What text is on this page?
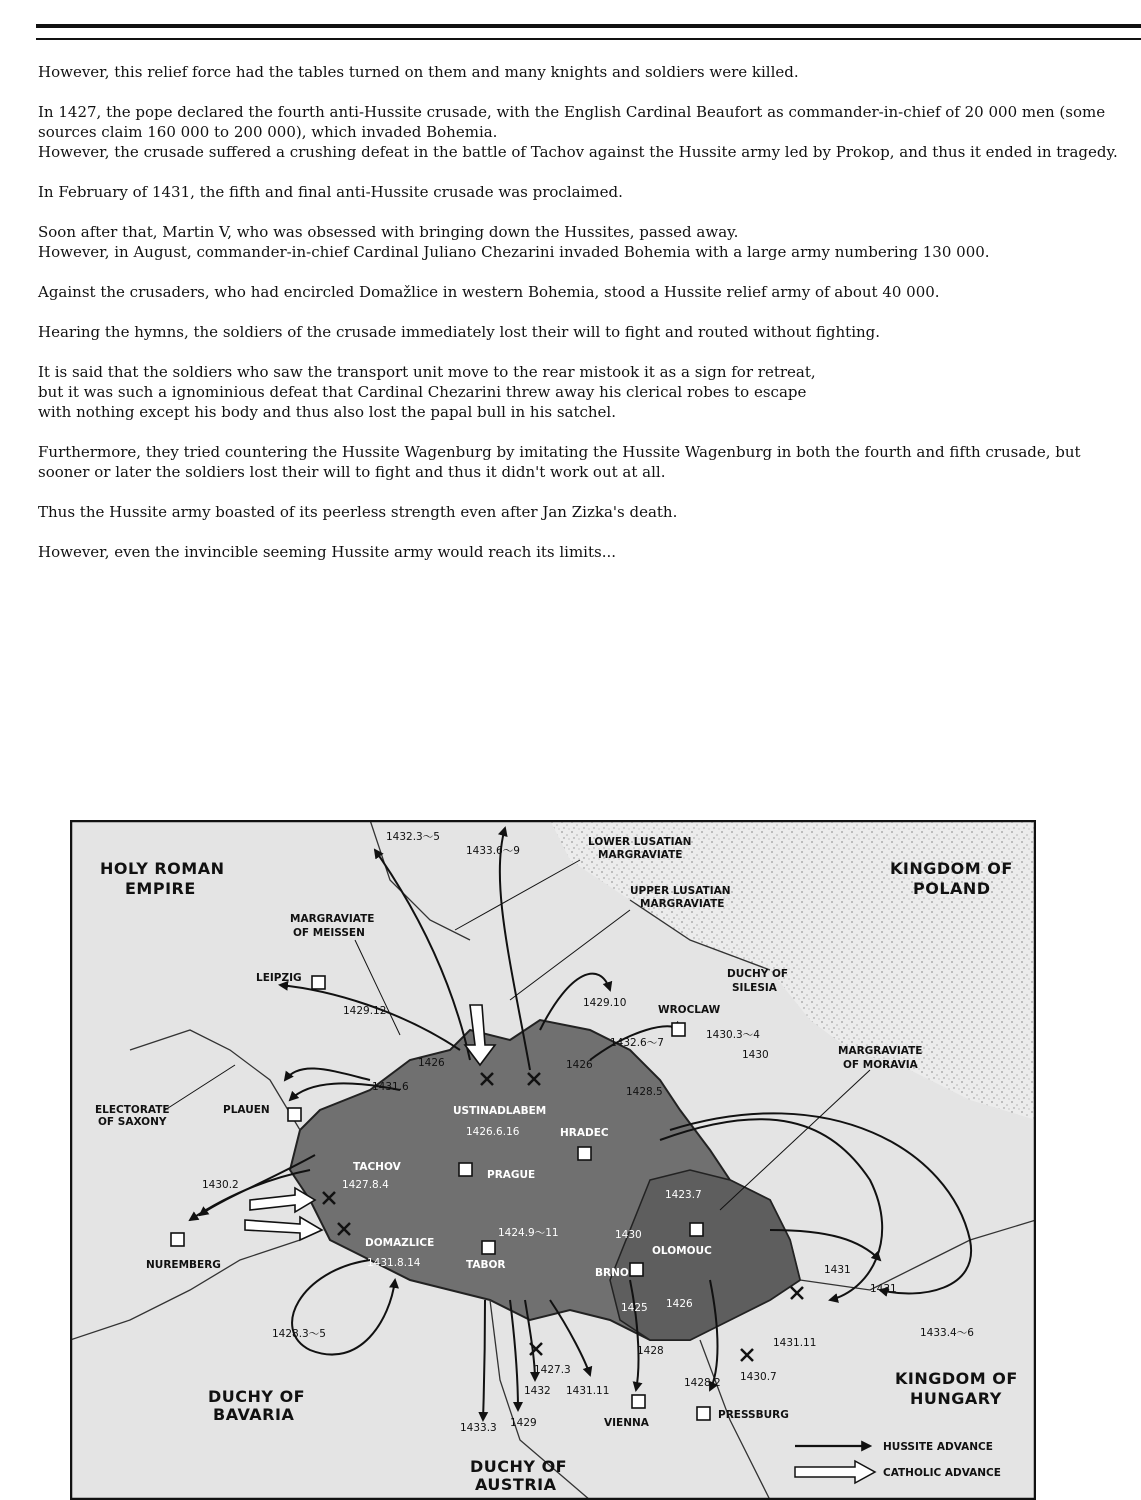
However, this relief force had the tables turned on them and many knights and soldiers were killed.

In 1427, the pope declared the fourth anti-Hussite crusade, with the English Cardinal Beaufort as commander-in-chief of 20 000 men (some sources claim 160 000 to 200 000), which invaded Bohemia.
However, the crusade suffered a crushing defeat in the battle of Tachov against the Hussite army led by Prokop, and thus it ended in tragedy.

In February of 1431, the fifth and final anti-Hussite crusade was proclaimed.

Soon after that, Martin V, who was obsessed with bringing down the Hussites, passed away.
However, in August, commander-in-chief Cardinal Juliano Chezarini invaded Bohemia with a large army numbering 130 000.

Against the crusaders, who had encircled Domažlice in western Bohemia, stood a Hussite relief army of about 40 000.

Hearing the hymns, the soldiers of the crusade immediately lost their will to fight and routed without fighting.

It is said that the soldiers who saw the transport unit move to the rear mistook it as a sign for retreat,
but it was such a ignominious defeat that Cardinal Chezarini threw away his clerical robes to escape
with nothing except his body and thus also lost the papal bull in his satchel.

Furthermore, they tried countering the Hussite Wagenburg by imitating the Hussite Wagenburg in both the fourth and fifth crusade, but sooner or later the soldiers lost their will to fight and thus it didn't work out at all.

Thus the Hussite army boasted of its peerless strength even after Jan Zizka's death.

However, even the invincible seeming Hussite army would reach its limits...

HOLY ROMAN
EMPIRE
KINGDOM OF
POLAND
KINGDOM OF
HUNGARY
DUCHY OF
BAVARIA
DUCHY OF
AUSTRIA
LOWER LUSATIAN
MARGRAVIATE
UPPER LUSATIAN
MARGRAVIATE
MARGRAVIATE
OF MEISSEN
DUCHY OF
SILESIA
MARGRAVIATE
OF MORAVIA
ELECTORATE
OF SAXONY
LEIPZIG
PLAUEN
NUREMBERG
WROCLAW
PRAGUE
HRADEC
TABOR
BRNO
OLOMOUC
VIENNA
PRESSBURG
USTINADLABEM
1426.6.16
TACHOV
1427.8.4
DOMAZLICE
1431.8.14
1432.3～5
1433.6～9
1429.12
1429.10
1426
1431.6
1426
1432.6～7
1430.3～4
1430
1428.5
1430.2
1423.7
1424.9～11	1430
1425 1426
1431
1431
1433.4～6
1431.11
1430.7
1428
1428.2
1428.3～5
1427.3
1432 1431.11
1433.3 1429
HUSSITE ADVANCE
CATHOLIC ADVANCE
